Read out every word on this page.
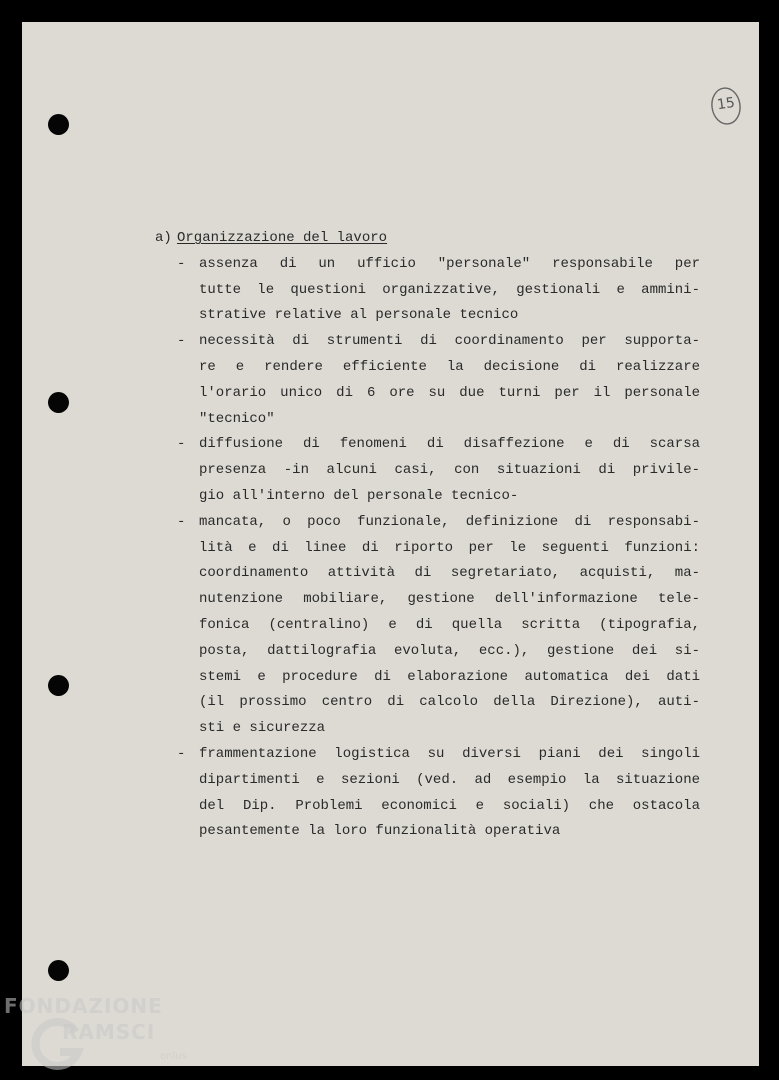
15
a) Organizzazione del lavoro
- assenza di un ufficio "personale" responsabile per
tutte le questioni organizzative, gestionali e ammini-
strative relative al personale tecnico
- necessità di strumenti di coordinamento per supporta-
re e rendere efficiente la decisione di realizzare
l'orario unico di 6 ore su due turni per il personale
"tecnico"
- diffusione di fenomeni di disaffezione e di scarsa
presenza -in alcuni casi, con situazioni di privile-
gio all'interno del personale tecnico-
- mancata, o poco funzionale, definizione di responsabi-
lità e di linee di riporto per le seguenti funzioni:
coordinamento attività di segretariato, acquisti, ma-
nutenzione mobiliare, gestione dell'informazione tele-
fonica (centralino) e di quella scritta (tipografia,
posta, dattilografia evoluta, ecc.), gestione dei si-
stemi e procedure di elaborazione automatica dei dati
(il prossimo centro di calcolo della Direzione), auti-
sti e sicurezza
- frammentazione logistica su diversi piani dei singoli
dipartimenti e sezioni (ved. ad esempio la situazione
del Dip. Problemi economici e sociali) che ostacola
pesantemente la loro funzionalità operativa
FONDAZIONE
RAMSCI
onlus
